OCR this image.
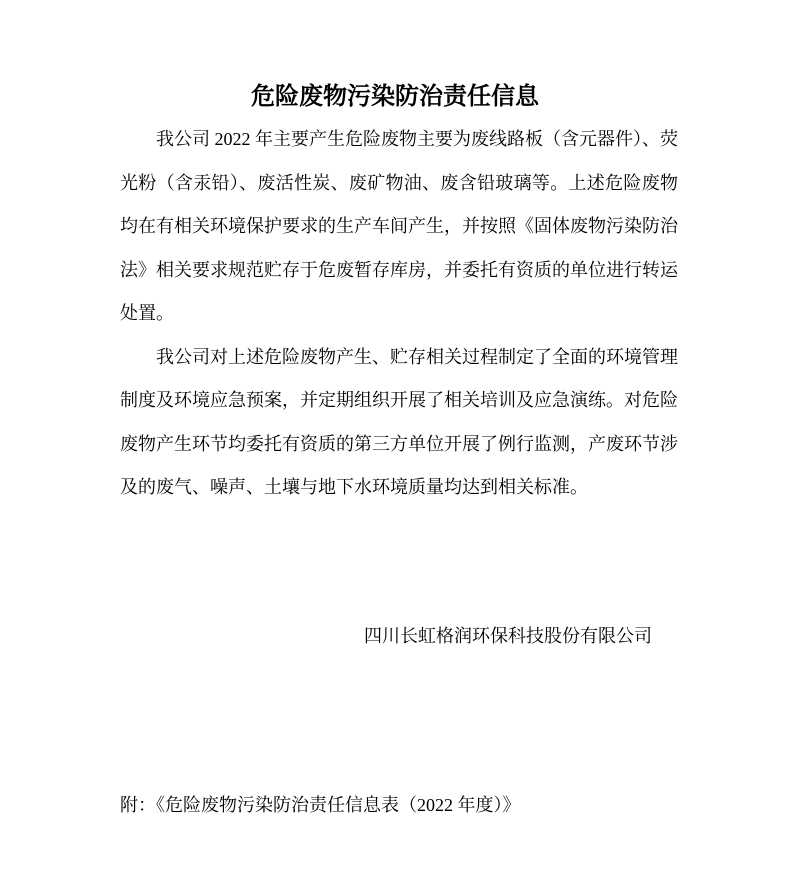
危险废物污染防治责任信息

我公司 2022 年主要产生危险废物主要为废线路板（含元器件）、荧光粉（含汞铅）、废活性炭、废矿物油、废含铅玻璃等。上述危险废物均在有相关环境保护要求的生产车间产生，并按照《固体废物污染防治法》相关要求规范贮存于危废暂存库房，并委托有资质的单位进行转运处置。

我公司对上述危险废物产生、贮存相关过程制定了全面的环境管理制度及环境应急预案，并定期组织开展了相关培训及应急演练。对危险废物产生环节均委托有资质的第三方单位开展了例行监测，产废环节涉及的废气、噪声、土壤与地下水环境质量均达到相关标准。

四川长虹格润环保科技股份有限公司
附：《危险废物污染防治责任信息表（2022 年度）》
